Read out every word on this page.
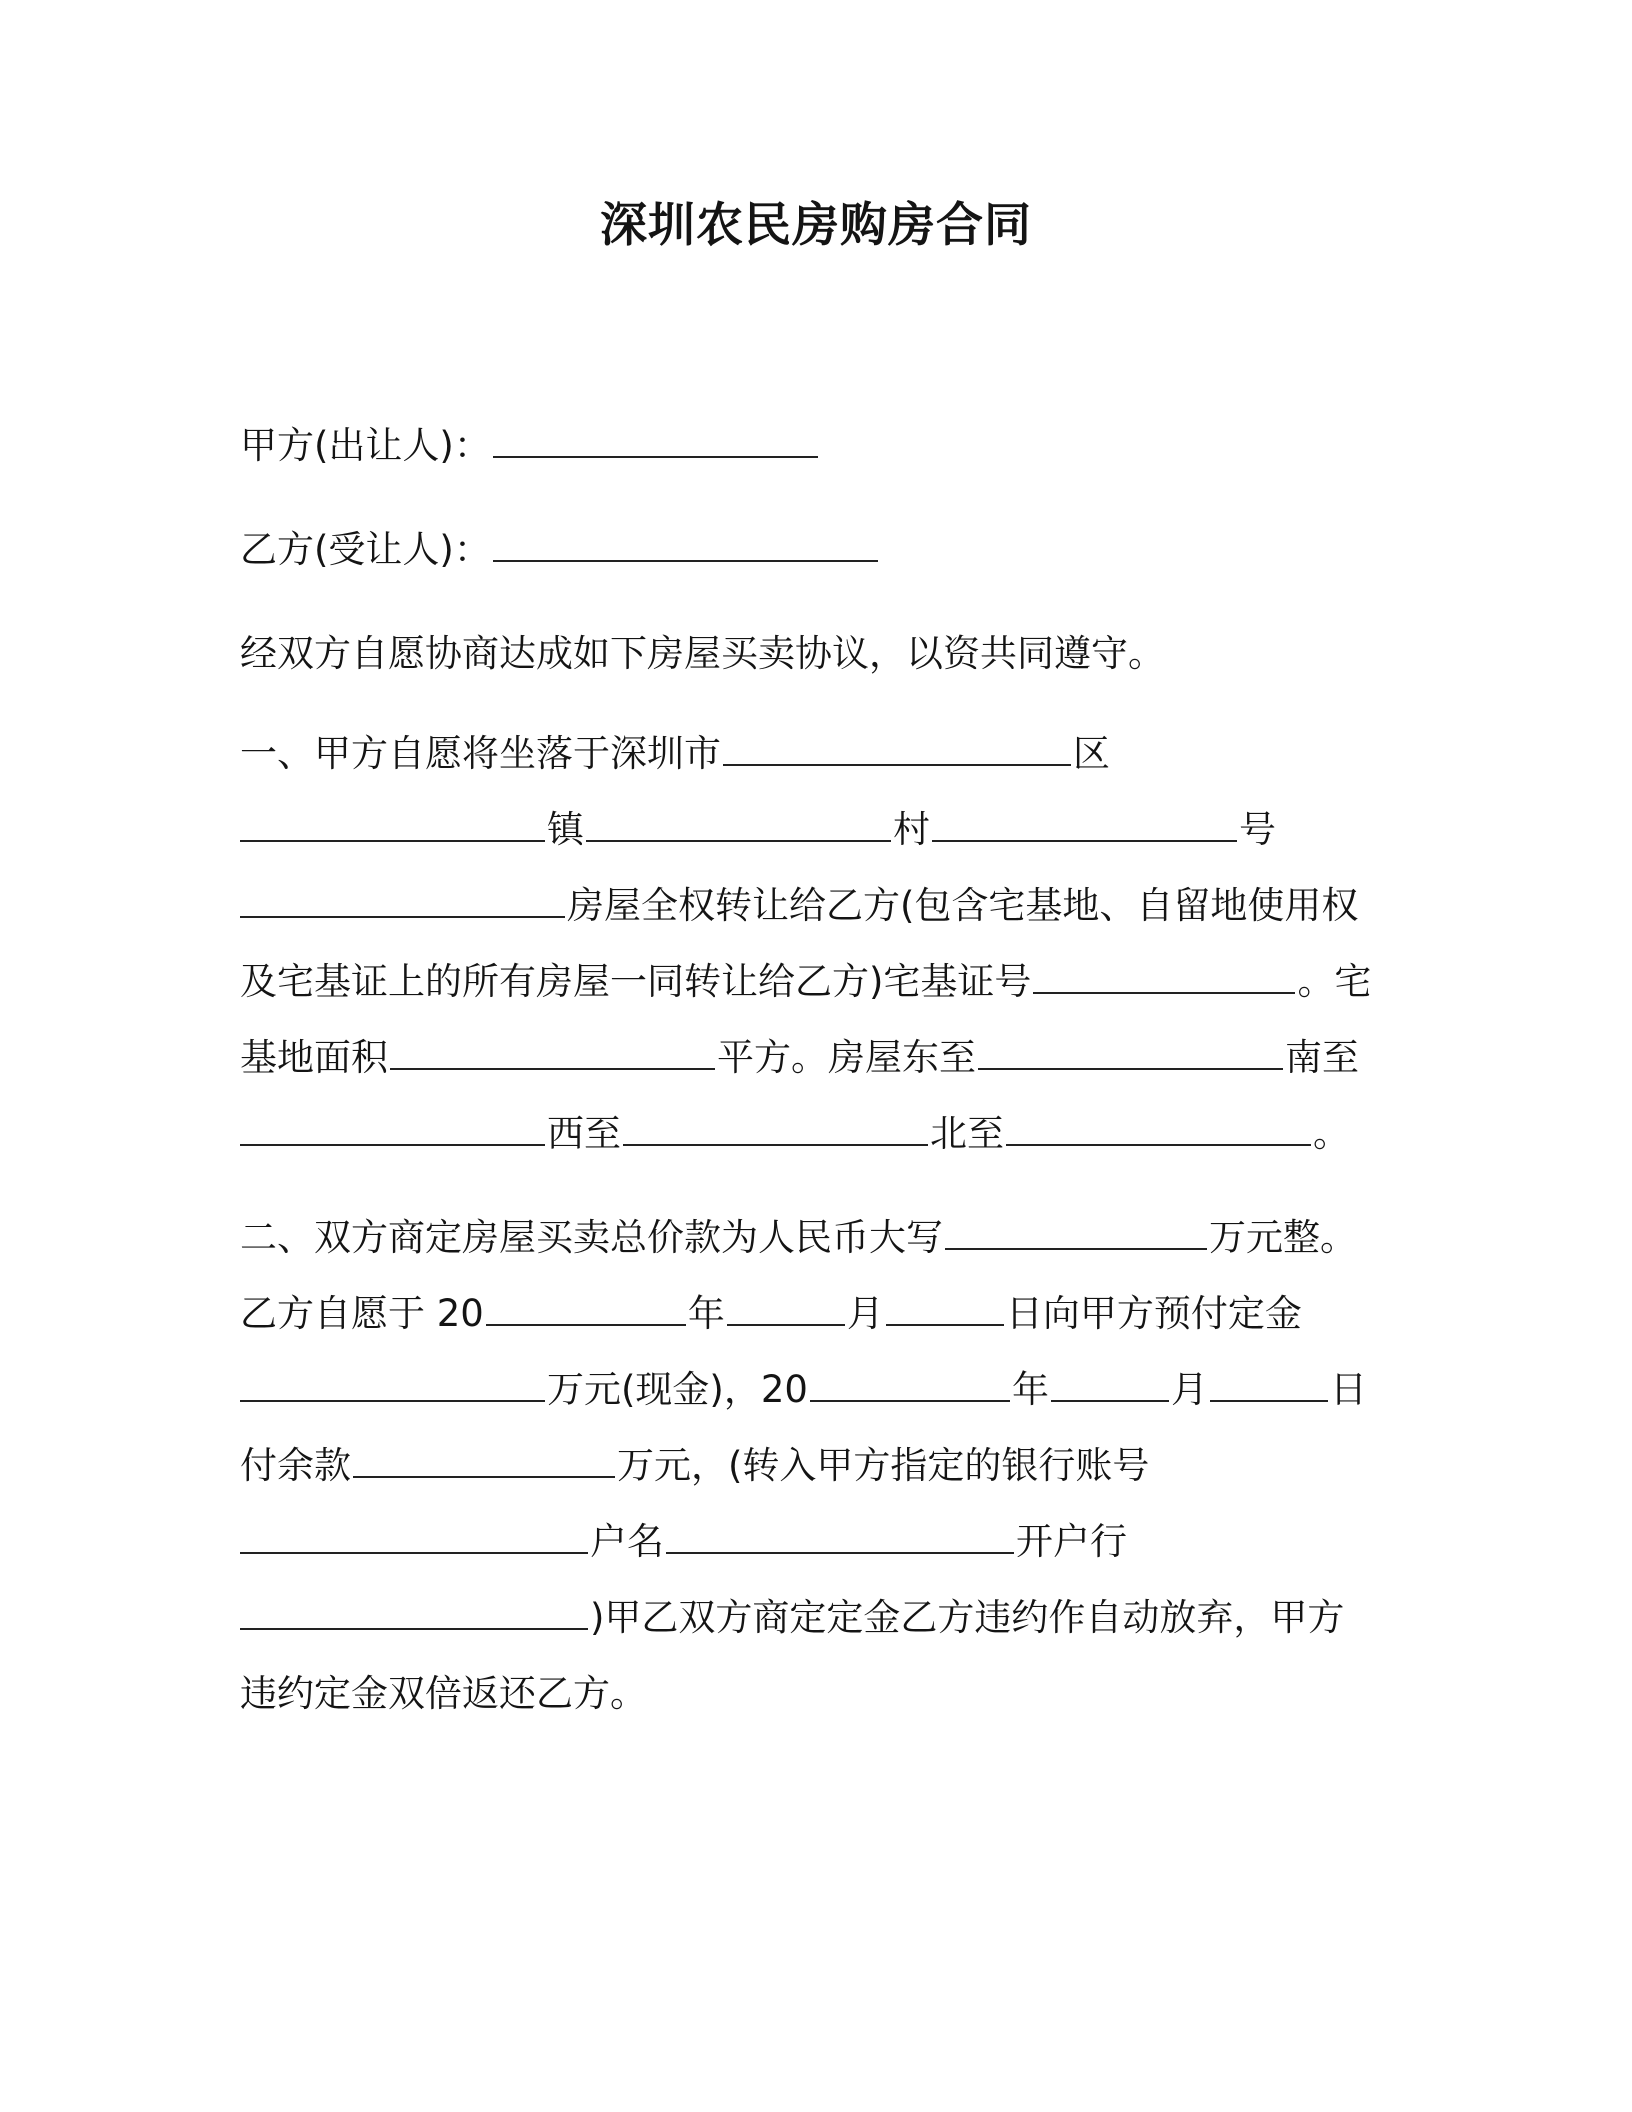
深圳农民房购房合同
甲方(出让人)：
乙方(受让人)：
经双方自愿协商达成如下房屋买卖协议，以资共同遵守。
一、甲方自愿将坐落于深圳市	区
镇	村	号
房屋全权转让给乙方(包含宅基地、自留地使用权
及宅基证上的所有房屋一同转让给乙方)宅基证号	。宅
基地面积	平方。房屋东至	南至
西至	北至	。
二、双方商定房屋买卖总价款为人民币大写	万元整。
乙方自愿于 20	年	月	日向甲方预付定金
万元(现金)，20	年	月	日
付余款	万元，(转入甲方指定的银行账号
户名	开户行
)甲乙双方商定定金乙方违约作自动放弃，甲方
违约定金双倍返还乙方。
